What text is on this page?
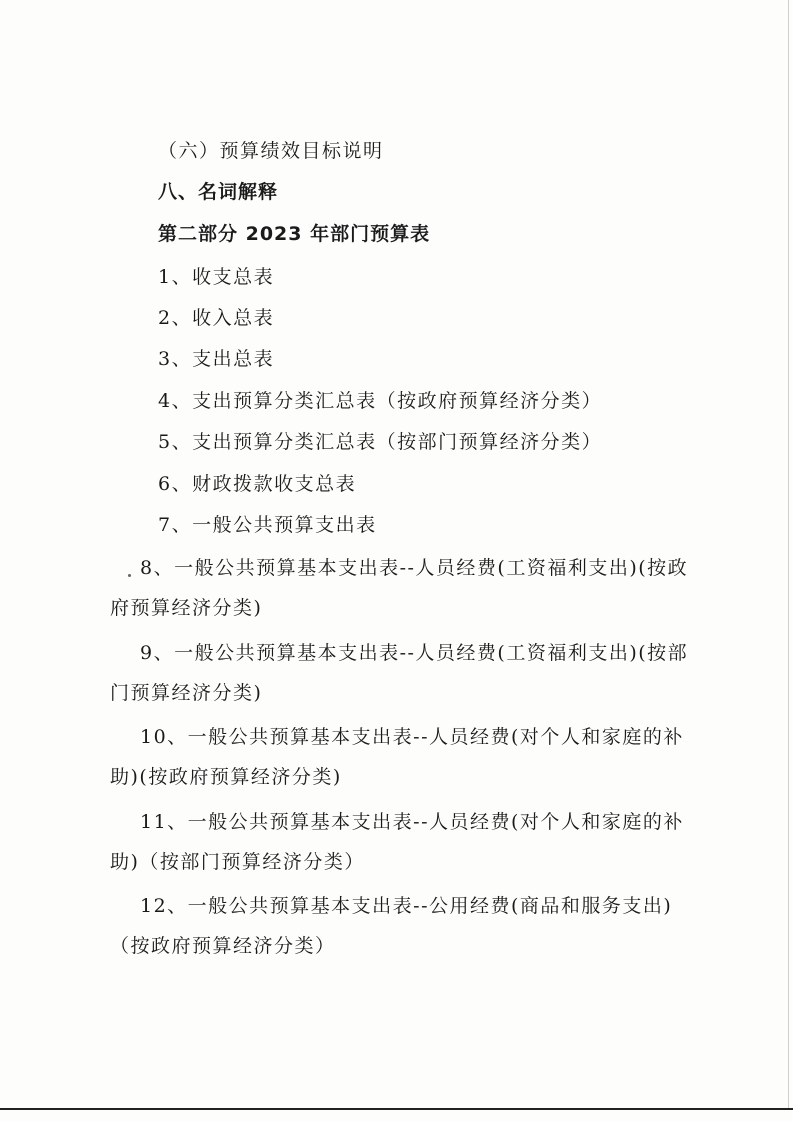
（六）预算绩效目标说明
八、名词解释
第二部分 2023 年部门预算表
1、收支总表
2、收入总表
3、支出总表
4、支出预算分类汇总表（按政府预算经济分类）
5、支出预算分类汇总表（按部门预算经济分类）
6、财政拨款收支总表
7、一般公共预算支出表
8、一般公共预算基本支出表--人员经费(工资福利支出)(按政府预算经济分类)
9、一般公共预算基本支出表--人员经费(工资福利支出)(按部门预算经济分类)
10、一般公共预算基本支出表--人员经费(对个人和家庭的补助)(按政府预算经济分类)
11、一般公共预算基本支出表--人员经费(对个人和家庭的补助)（按部门预算经济分类）
12、一般公共预算基本支出表--公用经费(商品和服务支出)（按政府预算经济分类）
